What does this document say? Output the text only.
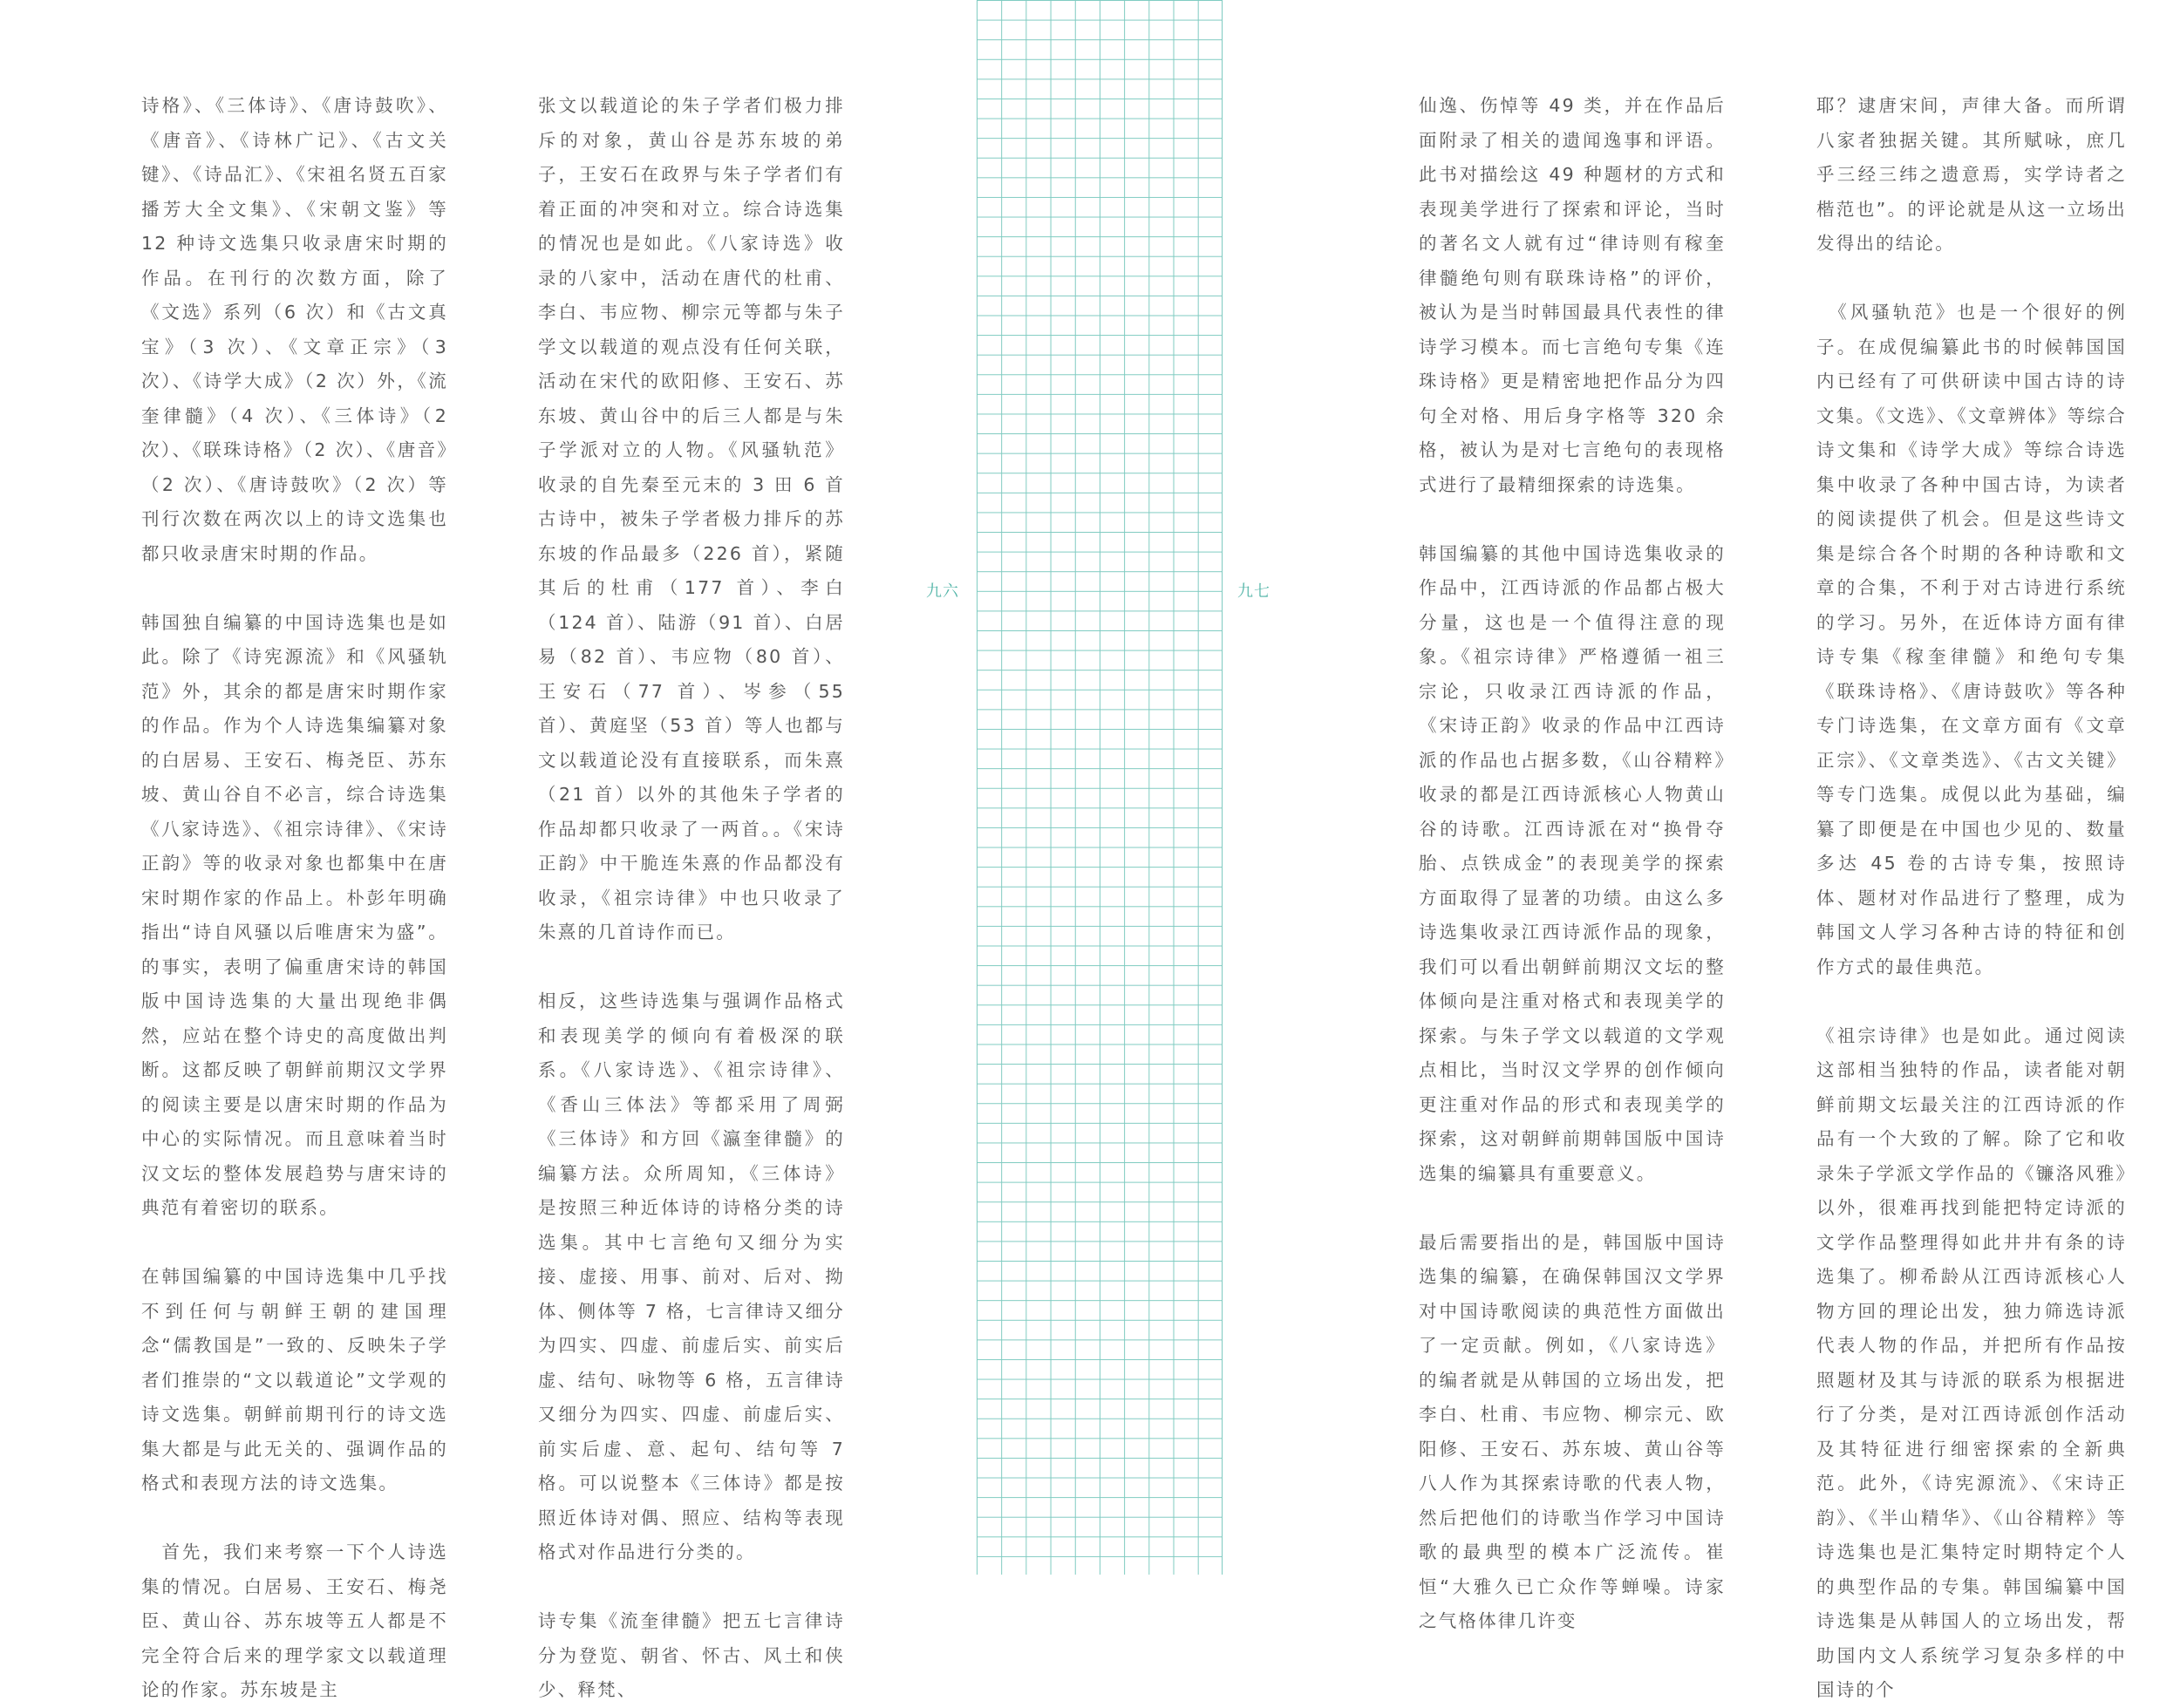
诗格》、《三体诗》、《唐诗鼓吹》、《唐音》、《诗林广记》、《古文关键》、《诗品汇》、《宋祖名贤五百家播芳大全文集》、《宋朝文鉴》等 12 种诗文选集只收录唐宋时期的作品。在刊行的次数方面，除了《文选》系列（6 次）和《古文真宝》（3 次）、《文章正宗》（3 次）、《诗学大成》（2 次）外，《流奎律髓》（4 次）、《三体诗》（2 次）、《联珠诗格》（2 次）、《唐音》（2 次）、《唐诗鼓吹》（2 次）等刊行次数在两次以上的诗文选集也都只收录唐宋时期的作品。

韩国独自编纂的中国诗选集也是如此。除了《诗宪源流》和《风骚轨范》外，其余的都是唐宋时期作家的作品。作为个人诗选集编纂对象的白居易、王安石、梅尧臣、苏东坡、黄山谷自不必言，综合诗选集《八家诗选》、《祖宗诗律》、《宋诗正韵》等的收录对象也都集中在唐宋时期作家的作品上。朴彭年明确指出“诗自风骚以后唯唐宋为盛”。的事实，表明了偏重唐宋诗的韩国版中国诗选集的大量出现绝非偶然，应站在整个诗史的高度做出判断。这都反映了朝鲜前期汉文学界的阅读主要是以唐宋时期的作品为中心的实际情况。而且意味着当时汉文坛的整体发展趋势与唐宋诗的典范有着密切的联系。

在韩国编纂的中国诗选集中几乎找不到任何与朝鲜王朝的建国理念“儒教国是”一致的、反映朱子学者们推崇的“文以载道论”文学观的诗文选集。朝鲜前期刊行的诗文选集大都是与此无关的、强调作品的格式和表现方法的诗文选集。

　首先，我们来考察一下个人诗选集的情况。白居易、王安石、梅尧臣、黄山谷、苏东坡等五人都是不完全符合后来的理学家文以载道理论的作家。苏东坡是主

张文以载道论的朱子学者们极力排斥的对象，黄山谷是苏东坡的弟子，王安石在政界与朱子学者们有着正面的冲突和对立。综合诗选集的情况也是如此。《八家诗选》收录的八家中，活动在唐代的杜甫、李白、韦应物、柳宗元等都与朱子学文以载道的观点没有任何关联，活动在宋代的欧阳修、王安石、苏东坡、黄山谷中的后三人都是与朱子学派对立的人物。《风骚轨范》收录的自先秦至元末的 3 田 6 首古诗中，被朱子学者极力排斥的苏东坡的作品最多（226 首），紧随其后的杜甫（177 首）、李白（124 首）、陆游（91 首）、白居易（82 首）、韦应物（80 首）、王安石（77 首）、岑参（55 首）、黄庭坚（53 首）等人也都与文以载道论没有直接联系，而朱熹（21 首）以外的其他朱子学者的作品却都只收录了一两首。。《宋诗正韵》中干脆连朱熹的作品都没有收录，《祖宗诗律》中也只收录了朱熹的几首诗作而已。

相反，这些诗选集与强调作品格式和表现美学的倾向有着极深的联系。《八家诗选》、《祖宗诗律》、《香山三体法》等都采用了周弼《三体诗》和方回《瀛奎律髓》的编纂方法。众所周知，《三体诗》是按照三种近体诗的诗格分类的诗选集。其中七言绝句又细分为实接、虚接、用事、前对、后对、拗体、侧体等 7 格，七言律诗又细分为四实、四虚、前虚后实、前实后虚、结句、咏物等 6 格，五言律诗又细分为四实、四虚、前虚后实、前实后虚、意、起句、结句等 7 格。可以说整本《三体诗》都是按照近体诗对偶、照应、结构等表现格式对作品进行分类的。

诗专集《流奎律髓》把五七言律诗分为登览、朝省、怀古、风土和侠少、释梵、

九六	九七

仙逸、伤悼等 49 类，并在作品后面附录了相关的遗闻逸事和评语。此书对描绘这 49 种题材的方式和表现美学进行了探索和评论，当时的著名文人就有过“律诗则有稼奎律髓绝句则有联珠诗格”的评价，被认为是当时韩国最具代表性的律诗学习模本。而七言绝句专集《连珠诗格》更是精密地把作品分为四句全对格、用后身字格等 320 余格，被认为是对七言绝句的表现格式进行了最精细探索的诗选集。

韩国编纂的其他中国诗选集收录的作品中，江西诗派的作品都占极大分量，这也是一个值得注意的现象。《祖宗诗律》严格遵循一祖三宗论，只收录江西诗派的作品，《宋诗正韵》收录的作品中江西诗派的作品也占据多数，《山谷精粹》收录的都是江西诗派核心人物黄山谷的诗歌。江西诗派在对“换骨夺胎、点铁成金”的表现美学的探索方面取得了显著的功绩。由这么多诗选集收录江西诗派作品的现象，我们可以看出朝鲜前期汉文坛的整体倾向是注重对格式和表现美学的探索。与朱子学文以载道的文学观点相比，当时汉文学界的创作倾向更注重对作品的形式和表现美学的探索，这对朝鲜前期韩国版中国诗选集的编纂具有重要意义。

最后需要指出的是，韩国版中国诗选集的编纂，在确保韩国汉文学界对中国诗歌阅读的典范性方面做出了一定贡献。例如，《八家诗选》的编者就是从韩国的立场出发，把李白、杜甫、韦应物、柳宗元、欧阳修、王安石、苏东坡、黄山谷等八人作为其探索诗歌的代表人物，然后把他们的诗歌当作学习中国诗歌的最典型的模本广泛流传。崔恒“大雅久已亡众作等蝉噪。诗家之气格体律几许变

耶？逮唐宋间，声律大备。而所谓八家者独据关键。其所赋咏，庶几乎三经三纬之遗意焉，实学诗者之楷范也”。的评论就是从这一立场出发得出的结论。

　《风骚轨范》也是一个很好的例子。在成俔编纂此书的时候韩国国内已经有了可供研读中国古诗的诗文集。《文选》、《文章辨体》等综合诗文集和《诗学大成》等综合诗选集中收录了各种中国古诗，为读者的阅读提供了机会。但是这些诗文集是综合各个时期的各种诗歌和文章的合集，不利于对古诗进行系统的学习。另外，在近体诗方面有律诗专集《稼奎律髓》和绝句专集《联珠诗格》、《唐诗鼓吹》等各种专门诗选集，在文章方面有《文章正宗》、《文章类选》、《古文关键》等专门选集。成俔以此为基础，编纂了即便是在中国也少见的、数量多达 45 卷的古诗专集，按照诗体、题材对作品进行了整理，成为韩国文人学习各种古诗的特征和创作方式的最佳典范。

《祖宗诗律》也是如此。通过阅读这部相当独特的作品，读者能对朝鲜前期文坛最关注的江西诗派的作品有一个大致的了解。除了它和收录朱子学派文学作品的《镰洛风雅》以外，很难再找到能把特定诗派的文学作品整理得如此井井有条的诗选集了。柳希龄从江西诗派核心人物方回的理论出发，独力筛选诗派代表人物的作品，并把所有作品按照题材及其与诗派的联系为根据进行了分类，是对江西诗派创作活动及其特征进行细密探索的全新典范。此外，《诗宪源流》、《宋诗正韵》、《半山精华》、《山谷精粹》等诗选集也是汇集特定时期特定个人的典型作品的专集。韩国编纂中国诗选集是从韩国人的立场出发，帮助国内文人系统学习复杂多样的中国诗的个
